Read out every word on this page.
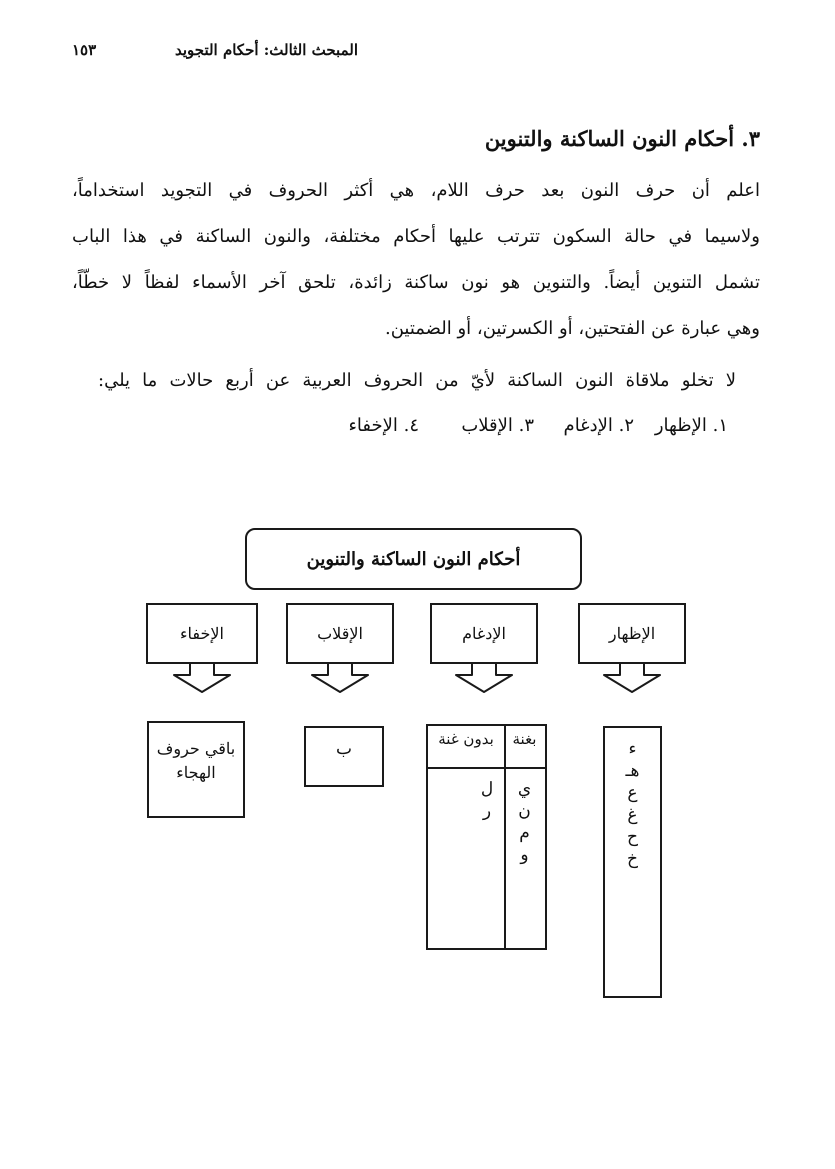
المبحث الثالث: أحكام التجويد
١٥٣
٣. أحكام النون الساكنة والتنوين
اعلم أن حرف النون بعد حرف اللام، هي أكثر الحروف في التجويد استخداماً،
ولاسيما في حالة السكون تترتب عليها أحكام مختلفة، والنون الساكنة في هذا الباب
تشمل التنوين أيضاً. والتنوين هو نون ساكنة زائدة، تلحق آخر الأسماء لفظاً لا خطّاً،
وهي عبارة عن الفتحتين، أو الكسرتين، أو الضمتين.
لا تخلو ملاقاة النون الساكنة لأيّ من الحروف العربية عن أربع حالات ما يلي:
١. الإظهار
٢. الإدغام
٣. الإقلاب
٤. الإخفاء
أحكام النون الساكنة والتنوين
الإظهار
الإدغام
الإقلاب
الإخفاء
ء
هـ
ع
غ
ح
خ
بغنة
بدون غنة
ي
ن
م
و
ل
ر
ب
باقي حروف
الهجاء
